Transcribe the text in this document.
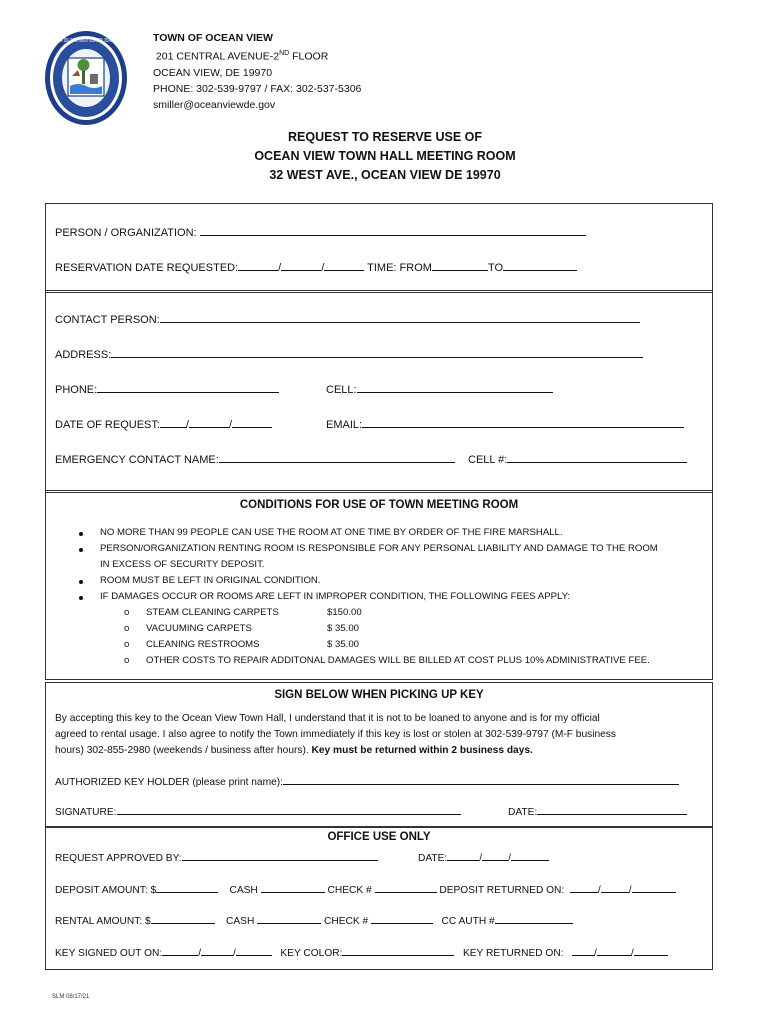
GREAT SEAL OF THE TOWN OF OCEAN VIEW, DELAWARE	TOWN OF OCEAN VIEW
201 CENTRAL AVENUE-2ND FLOOR
OCEAN VIEW, DE 19970
PHONE: 302-539-9797 / FAX: 302-537-5306
smiller@oceanviewde.gov
REQUEST TO RESERVE USE OF
OCEAN VIEW TOWN HALL MEETING ROOM
32 WEST AVE., OCEAN VIEW DE 19970
PERSON / ORGANIZATION:
RESERVATION DATE REQUESTED:	/	/	TIME: FROM	TO
CONTACT PERSON:
ADDRESS:
PHONE:	CELL:
DATE OF REQUEST: /	/	EMAIL:
EMERGENCY CONTACT NAME:	CELL #:
CONDITIONS FOR USE OF TOWN MEETING ROOM
NO MORE THAN 99 PEOPLE CAN USE THE ROOM AT ONE TIME BY ORDER OF THE FIRE MARSHALL.
PERSON/ORGANIZATION RENTING ROOM IS RESPONSIBLE FOR ANY PERSONAL LIABILITY AND DAMAGE TO THE ROOM
IN EXCESS OF SECURITY DEPOSIT.
ROOM MUST BE LEFT IN ORIGINAL CONDITION.
IF DAMAGES OCCUR OR ROOMS ARE LEFT IN IMPROPER CONDITION, THE FOLLOWING FEES APPLY:
o STEAM CLEANING CARPETS	$150.00
o VACUUMING CARPETS	$ 35.00
o CLEANING RESTROOMS	$ 35.00
o OTHER COSTS TO REPAIR ADDITONAL DAMAGES WILL BE BILLED AT COST PLUS 10% ADMINISTRATIVE FEE.
SIGN BELOW WHEN PICKING UP KEY
By accepting this key to the Ocean View Town Hall, I understand that it is not to be loaned to anyone and is for my official
agreed to rental usage. I also agree to notify the Town immediately if this key is lost or stolen at 302-539-9797 (M-F business
hours) 302-855-2980 (weekends / business after hours). Key must be returned within 2 business days.
AUTHORIZED KEY HOLDER (please print name):
SIGNATURE:	DATE:
OFFICE USE ONLY
REQUEST APPROVED BY:	DATE:	/	/
DEPOSIT AMOUNT: $	CASH	CHECK #	DEPOSIT RETURNED ON:	/	/
RENTAL AMOUNT: $	CASH	CHECK #	CC AUTH #
KEY SIGNED OUT ON:	/	/	KEY COLOR:	KEY RETURNED ON:	/	/
SLM 08/17/21
